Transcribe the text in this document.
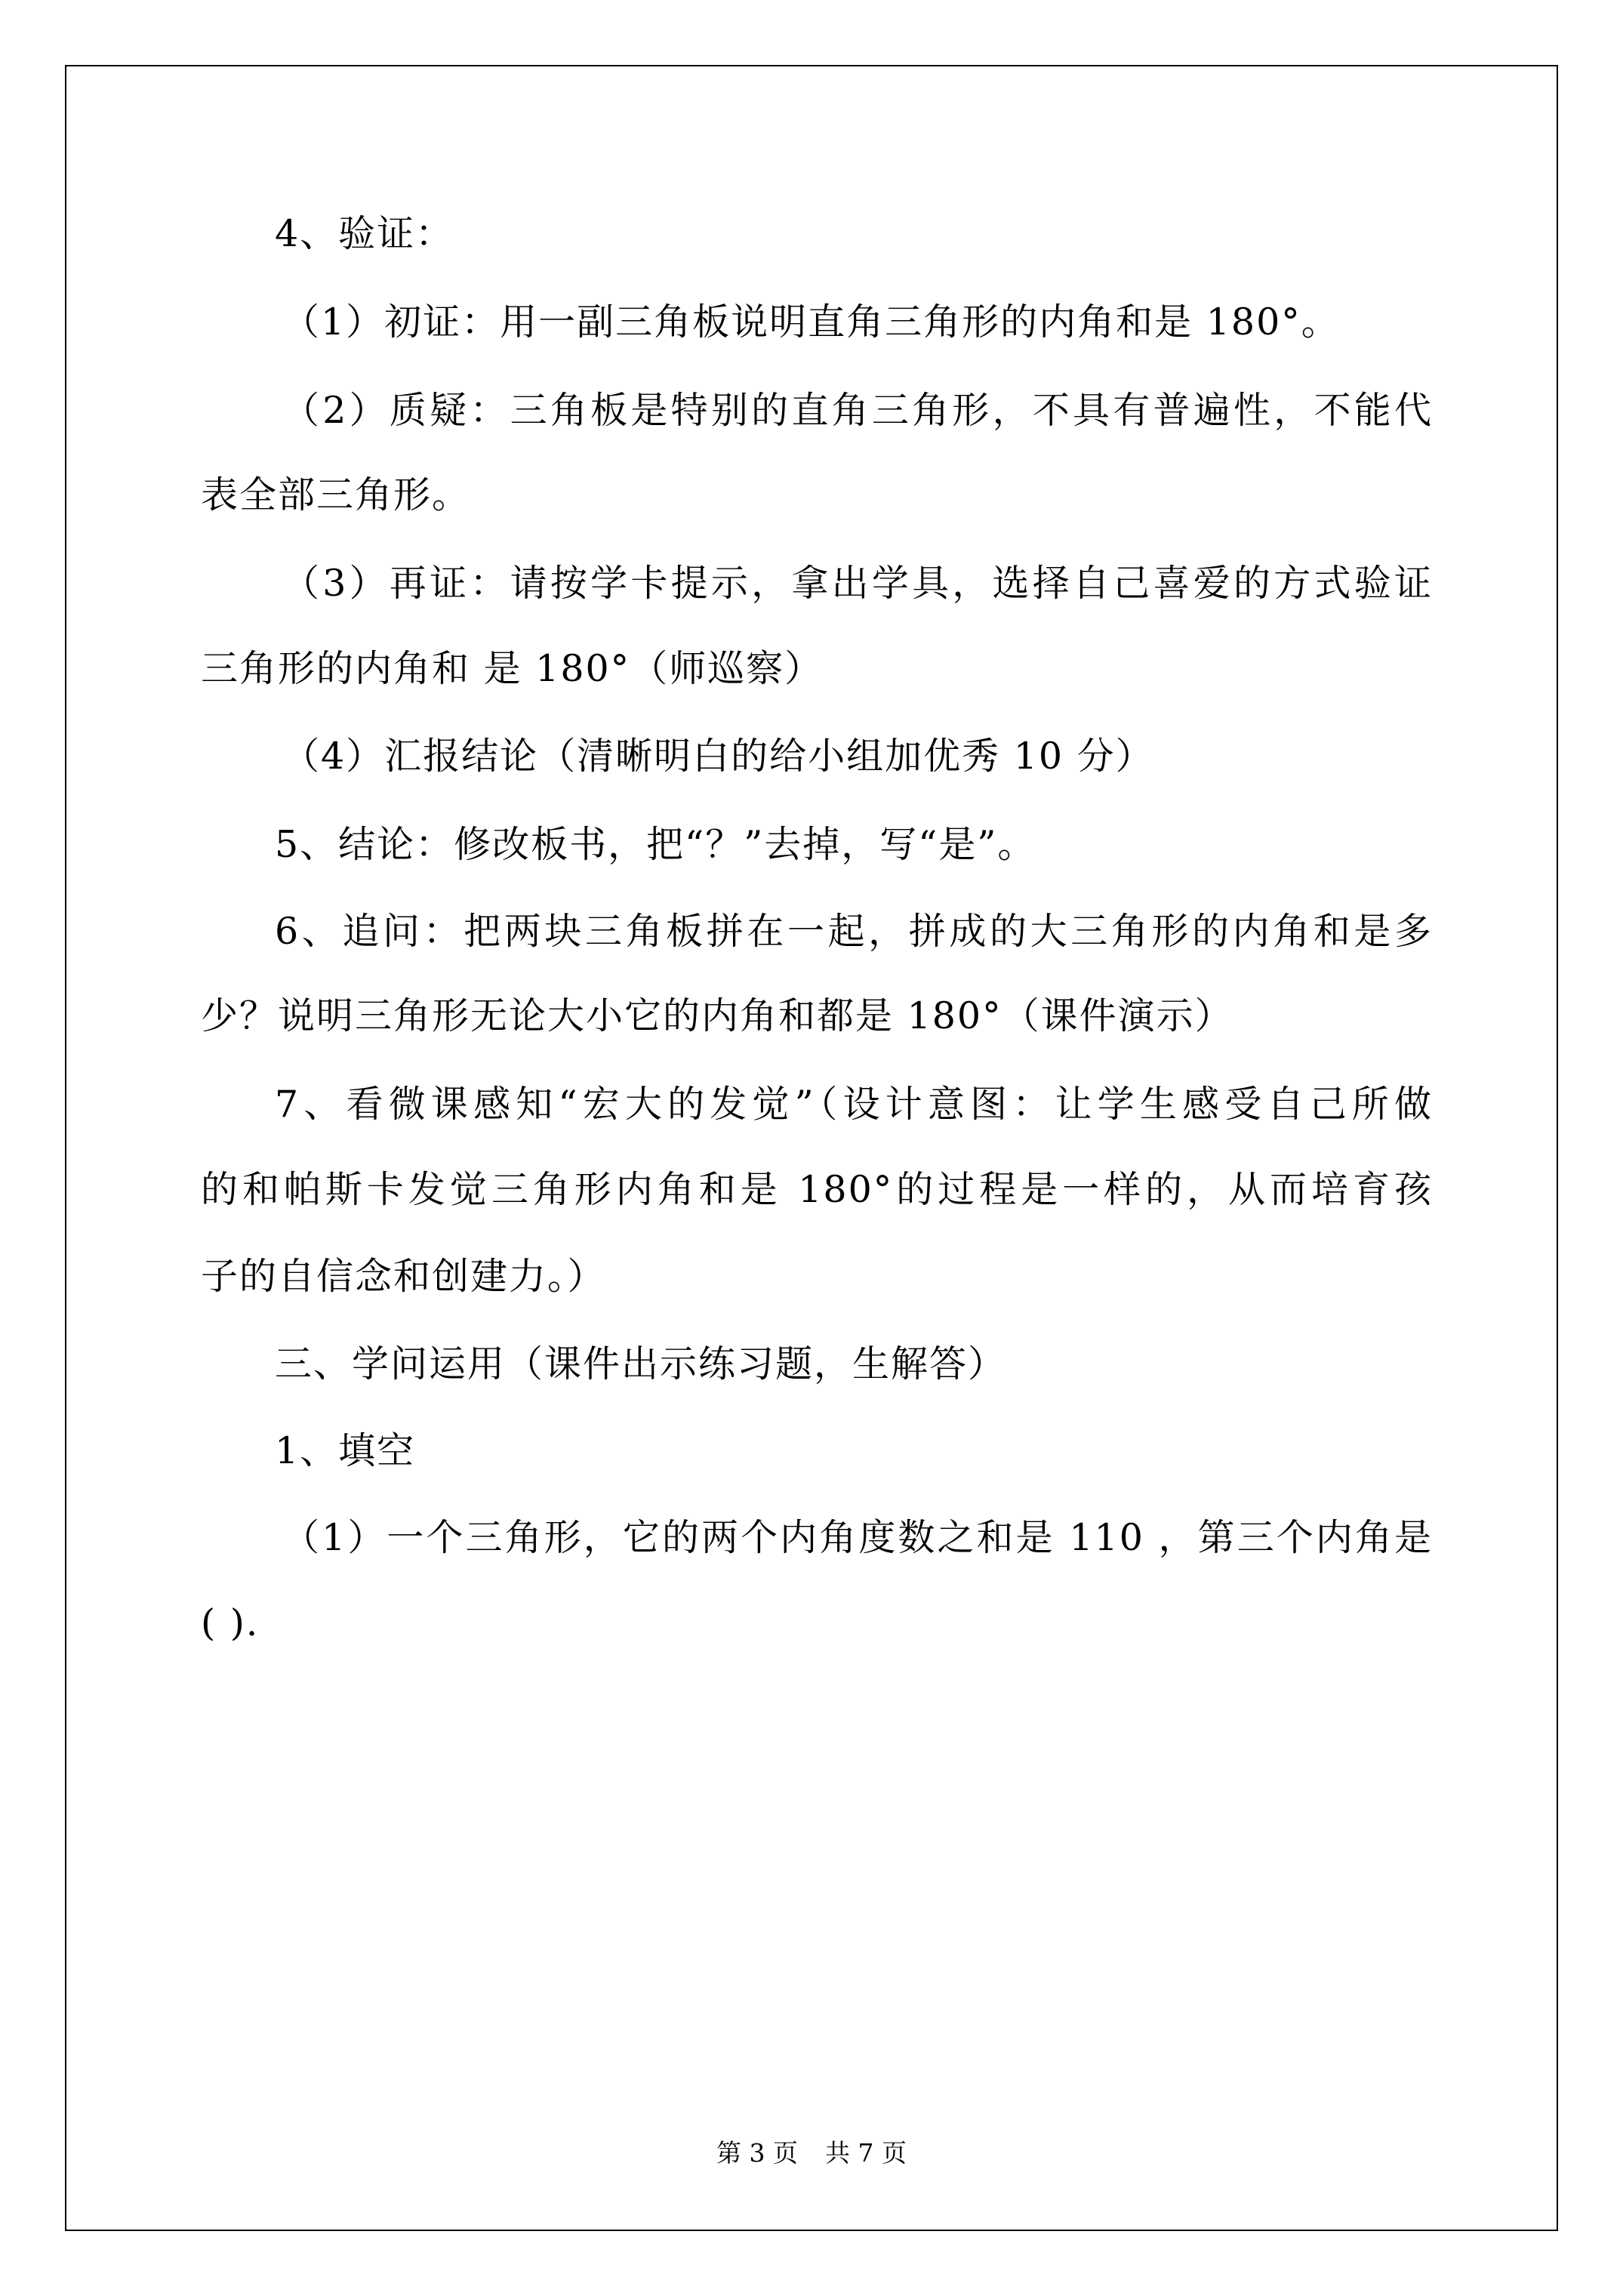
4、验证：
（1）初证：用一副三角板说明直角三角形的内角和是 180°。
（2）质疑：三角板是特别的直角三角形，不具有普遍性，不能代
表全部三角形。
（3）再证：请按学卡提示，拿出学具，选择自己喜爱的方式验证
三角形的内角和 是 180°（师巡察）
（4）汇报结论（清晰明白的给小组加优秀 10 分）
5、结论：修改板书，把“？”去掉，写“是”。
6、追问：把两块三角板拼在一起，拼成的大三角形的内角和是多
少？说明三角形无论大小它的内角和都是 180°（课件演示）
7、看微课感知“宏大的发觉”（设计意图：让学生感受自己所做
的和帕斯卡发觉三角形内角和是 180°的过程是一样的，从而培育孩
子的自信念和创建力。）
三、学问运用（课件出示练习题，生解答）
1、填空
（1）一个三角形，它的两个内角度数之和是 110 ，第三个内角是
( ).
第 3 页 共 7 页
